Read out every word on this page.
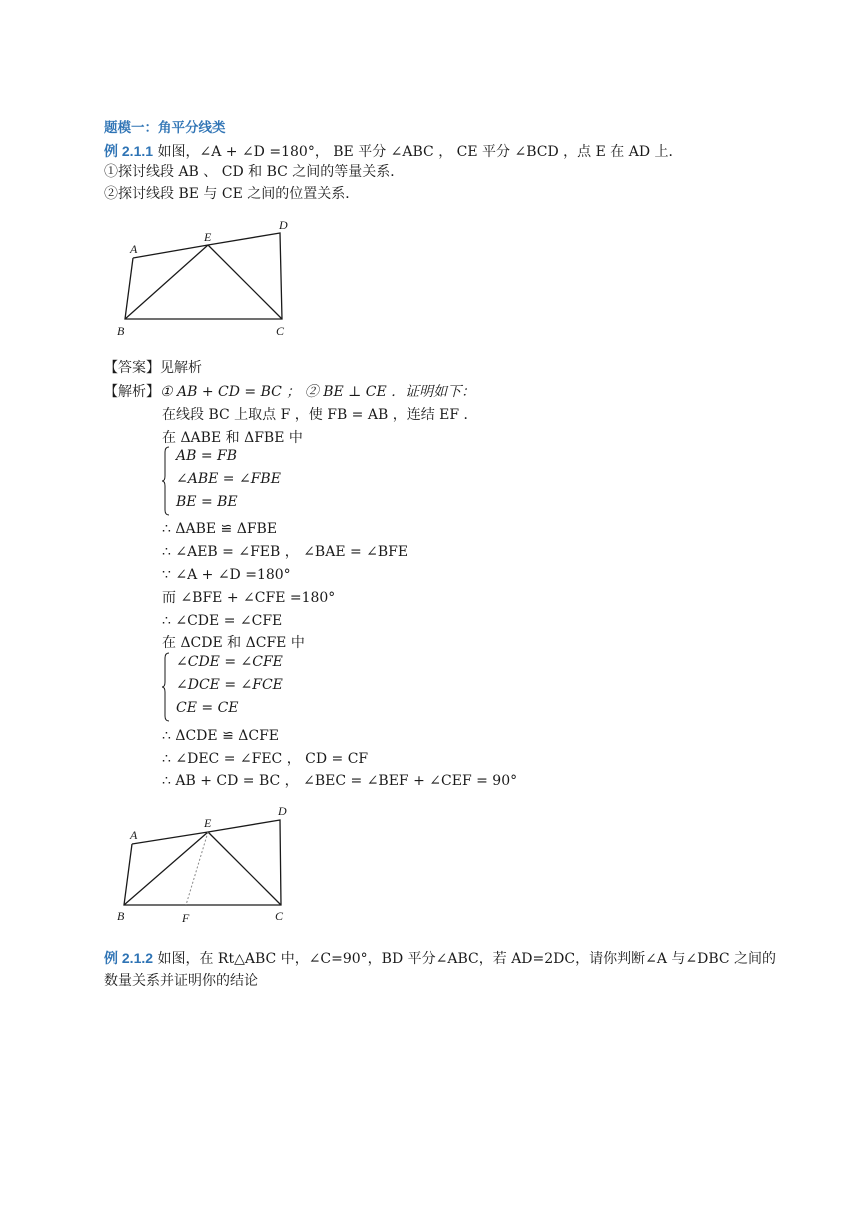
题模一：角平分线类
例 2.1.1 如图，∠A + ∠D =180°， BE 平分 ∠ABC ， CE 平分 ∠BCD ，点 E 在 AD 上．
①探讨线段 AB 、 CD 和 BC 之间的等量关系．
②探讨线段 BE 与 CE 之间的位置关系．
A
E
D
B	C
【答案】见解析
【解析】① AB + CD = BC ； ② BE ⊥ CE ．证明如下：
在线段 BC 上取点 F ，使 FB = AB ，连结 EF ．
在 ΔABE 和 ΔFBE 中
AB = FB
∠ABE = ∠FBE
BE = BE
∴ ΔABE ≌ ΔFBE
∴ ∠AEB = ∠FEB ， ∠BAE = ∠BFE
∵ ∠A + ∠D =180°
而 ∠BFE + ∠CFE =180°
∴ ∠CDE = ∠CFE
在 ΔCDE 和 ΔCFE 中
∠CDE = ∠CFE
∠DCE = ∠FCE
CE = CE
∴ ΔCDE ≌ ΔCFE
∴ ∠DEC = ∠FEC ， CD = CF
∴ AB + CD = BC ， ∠BEC = ∠BEF + ∠CEF = 90°
A
E
D
B	F	C
例 2.1.2 如图，在 Rt△ABC 中，∠C=90°，BD 平分∠ABC，若 AD=2DC，请你判断∠A 与∠DBC 之间的
数量关系并证明你的结论
